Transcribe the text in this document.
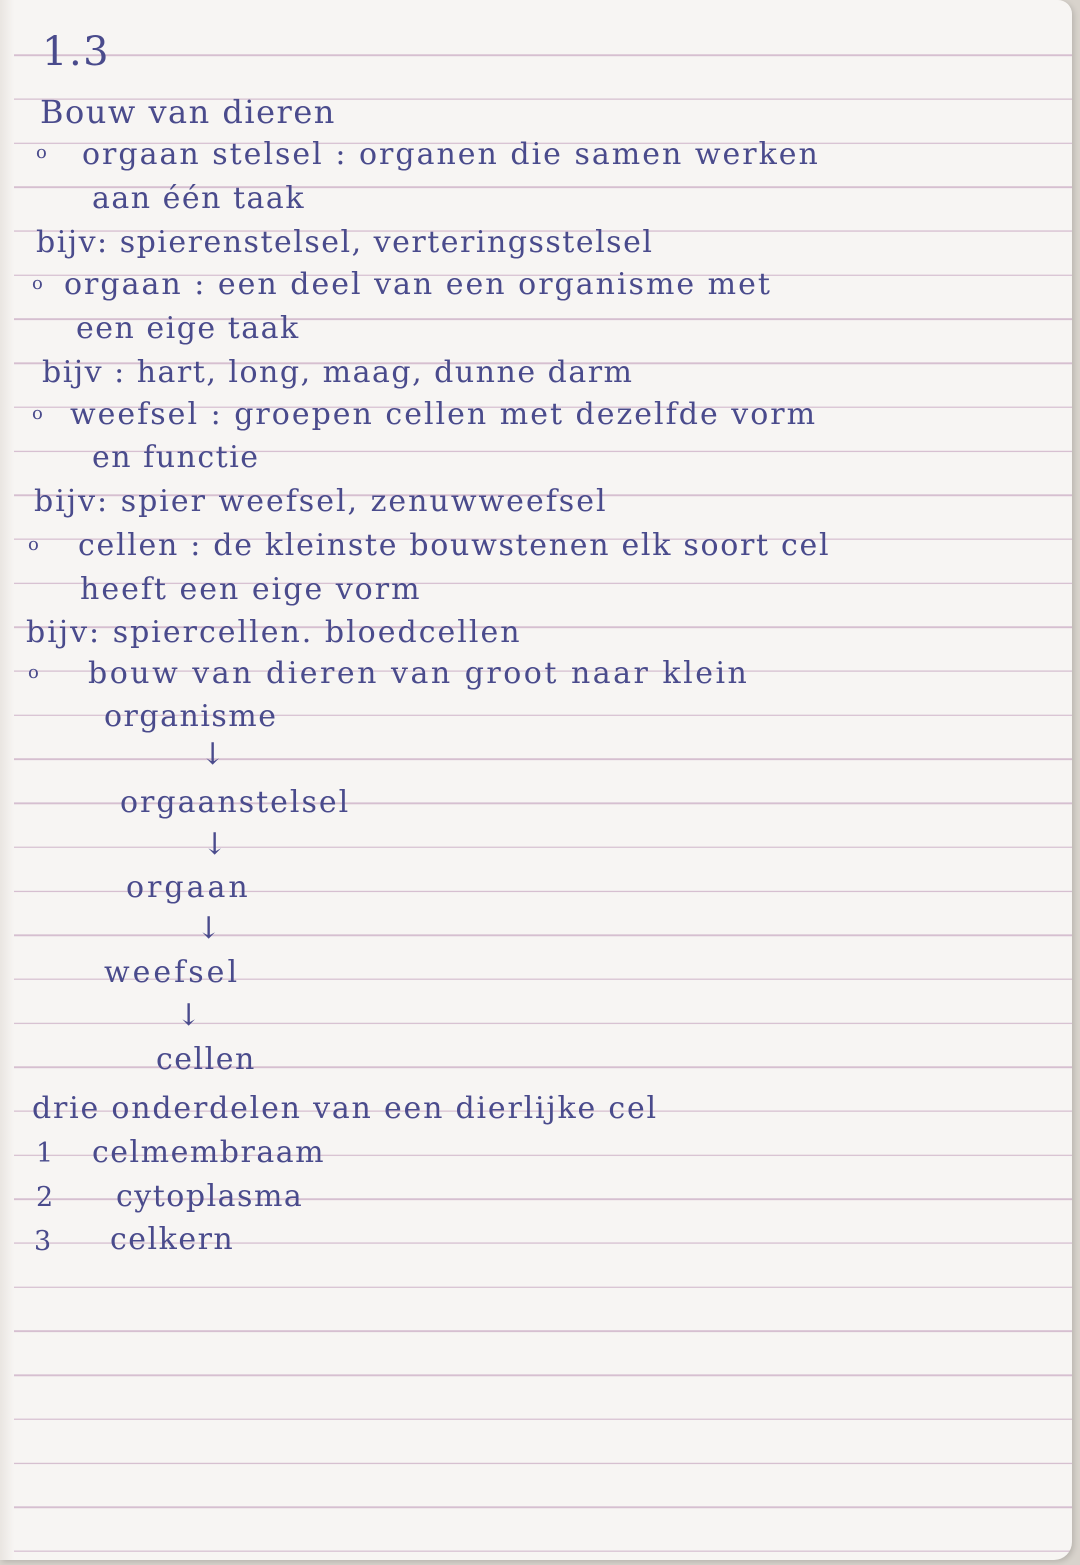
1.3
Bouw van dieren
o orgaan stelsel : organen die samen werken
aan één taak
bijv: spierenstelsel, verteringsstelsel
o orgaan : een deel van een organisme met
een eige taak
bijv : hart, long, maag, dunne darm
o weefsel : groepen cellen met dezelfde vorm
en functie
bijv: spier weefsel, zenuwweefsel
o cellen : de kleinste bouwstenen elk soort cel
heeft een eige vorm
bijv: spiercellen. bloedcellen
o bouw van dieren van groot naar klein
organisme
↓
orgaanstelsel
↓
orgaan
↓
weefsel
↓
cellen
drie onderdelen van een dierlijke cel
1 celmembraam
2 cytoplasma
3 celkern
